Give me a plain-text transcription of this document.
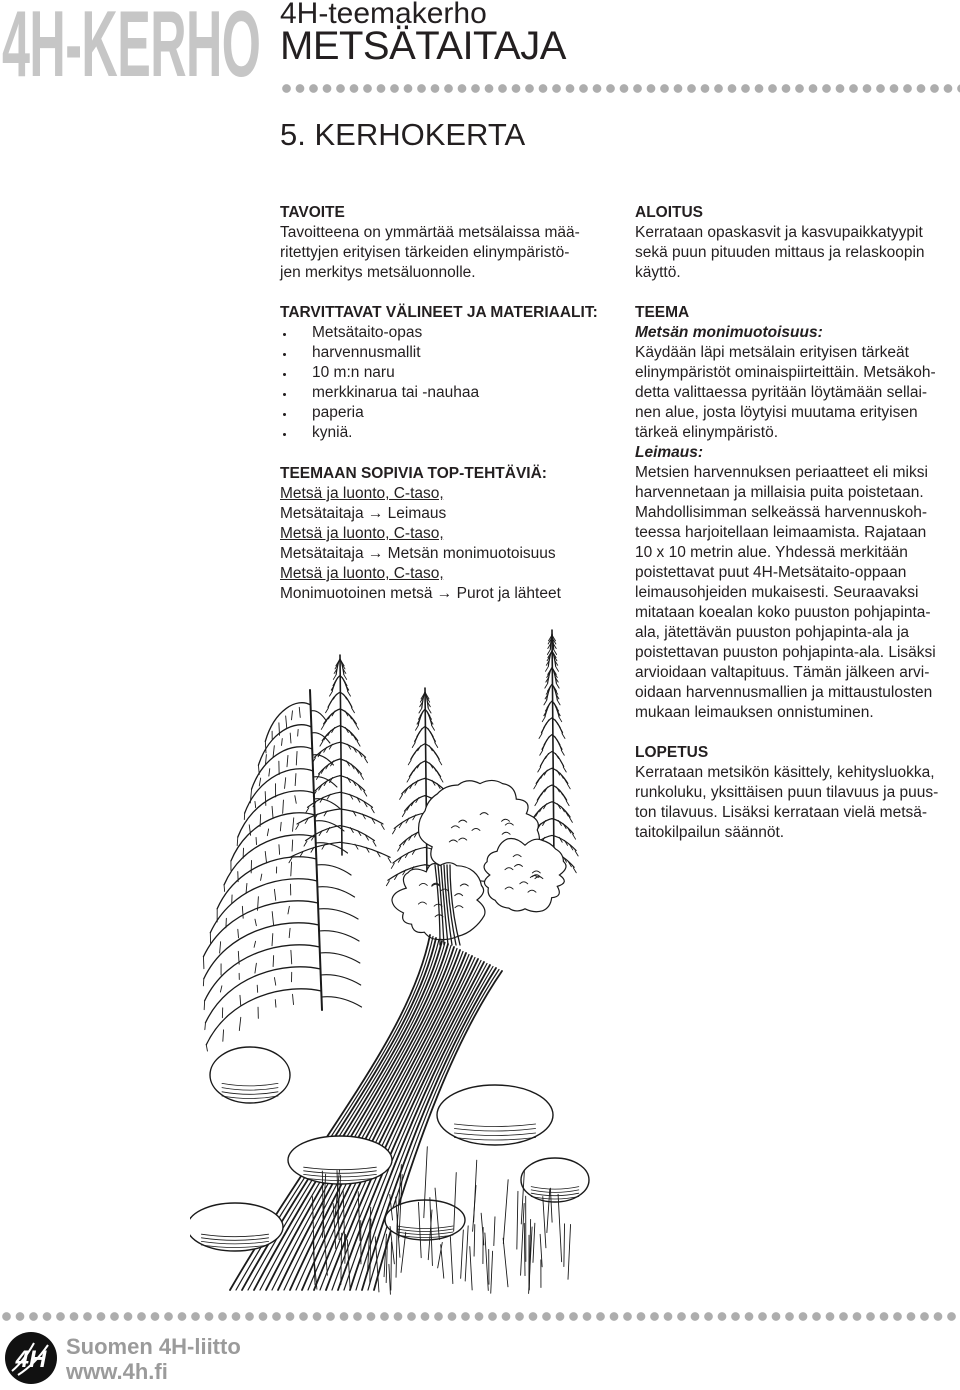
4H-KERHO 4H-teemakerho
METSÄTAITAJA
5. KERHOKERTA
TAVOITE
Tavoitteena on ymmärtää metsälaissa mää-
ritettyjen erityisen tärkeiden elinympäristö-
jen merkitys metsäluonnolle.
TARVITTAVAT VÄLINEET JA MATERIAALIT:
Metsätaito-opas
harvennusmallit
10 m:n naru
merkkinarua tai -nauhaa
paperia
kyniä.
TEEMAAN SOPIVIA TOP-TEHTÄVIÄ:
Metsä ja luonto, C-taso,
Metsätaitaja → Leimaus
Metsä ja luonto, C-taso,
Metsätaitaja → Metsän monimuotoisuus
Metsä ja luonto, C-taso,
Monimuotoinen metsä → Purot ja lähteet
ALOITUS
Kerrataan opaskasvit ja kasvupaikkatyypit
sekä puun pituuden mittaus ja relaskoopin
käyttö.
TEEMA
Metsän monimuotoisuus:
Käydään läpi metsälain erityisen tärkeät
elinympäristöt ominaispiirteittäin. Metsäkoh-
detta valittaessa pyritään löytämään sellai-
nen alue, josta löytyisi muutama erityisen
tärkeä elinympäristö.
Leimaus:
Metsien harvennuksen periaatteet eli miksi
harvennetaan ja millaisia puita poistetaan.
Mahdollisimman selkeässä harvennuskoh-
teessa harjoitellaan leimaamista. Rajataan
10 x 10 metrin alue. Yhdessä merkitään
poistettavat puut 4H-Metsätaito-oppaan
leimausohjeiden mukaisesti. Seuraavaksi
mitataan koealan koko puuston pohjapinta-
ala, jätettävän puuston pohjapinta-ala ja
poistettavan puuston pohjapinta-ala. Lisäksi
arvioidaan valtapituus. Tämän jälkeen arvi-
oidaan harvennusmallien ja mittaustulosten
mukaan leimauksen onnistuminen.
LOPETUS
Kerrataan metsikön käsittely, kehitysluokka,
runkoluku, yksittäisen puun tilavuus ja puus-
ton tilavuus. Lisäksi kerrataan vielä metsä-
taitokilpailun säännöt.
4H Suomen 4H-liitto
www.4h.fi
